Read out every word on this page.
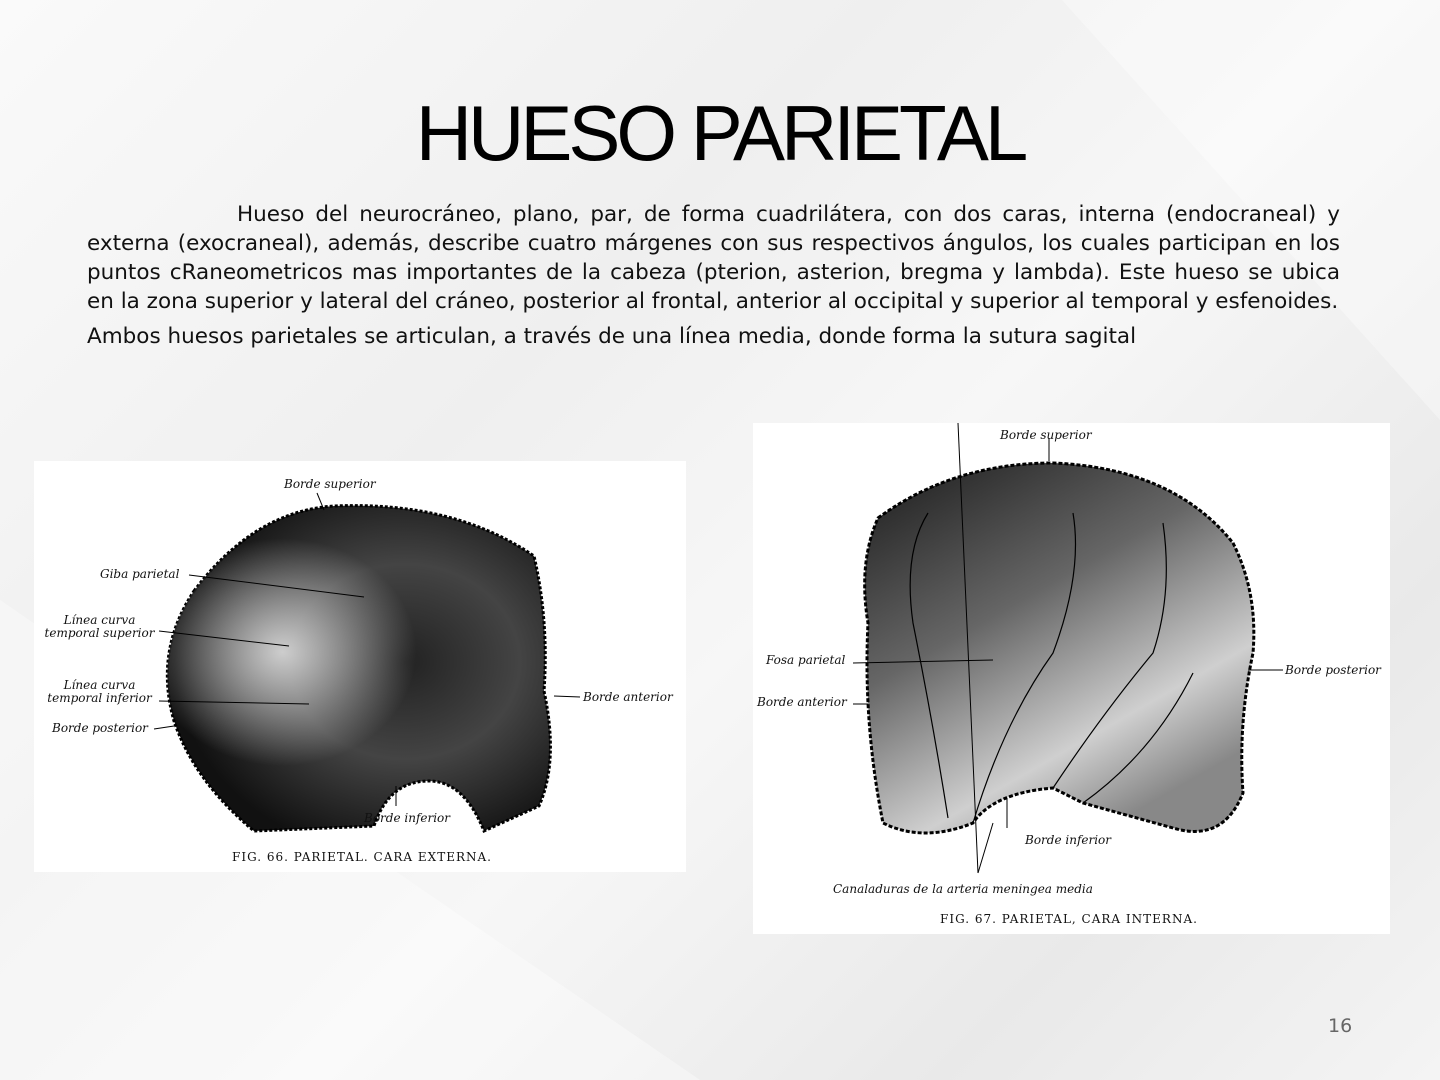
HUESO PARIETAL

Hueso del neurocráneo, plano, par, de forma cuadrilátera, con dos caras, interna (endocraneal) y externa (exocraneal), además, describe cuatro márgenes con sus respectivos ángulos, los cuales participan en los puntos cRaneometricos mas importantes de la cabeza (pterion, asterion, bregma y lambda). Este hueso se ubica en la zona superior y lateral del cráneo, posterior al frontal, anterior al occipital y superior al temporal y esfenoides.

Ambos huesos parietales se articulan, a través de una línea media, donde forma la sutura sagital

Borde superior
Giba parietal
Línea curva temporal superior
Línea curva temporal inferior
Borde posterior
Borde anterior
Borde inferior
FIG. 66. PARIETAL. CARA EXTERNA.
Borde superior
Fosa parietal
Borde anterior
Borde posterior
Borde inferior
Canaladuras de la arteria meningea media
FIG. 67. PARIETAL, CARA INTERNA.
16
